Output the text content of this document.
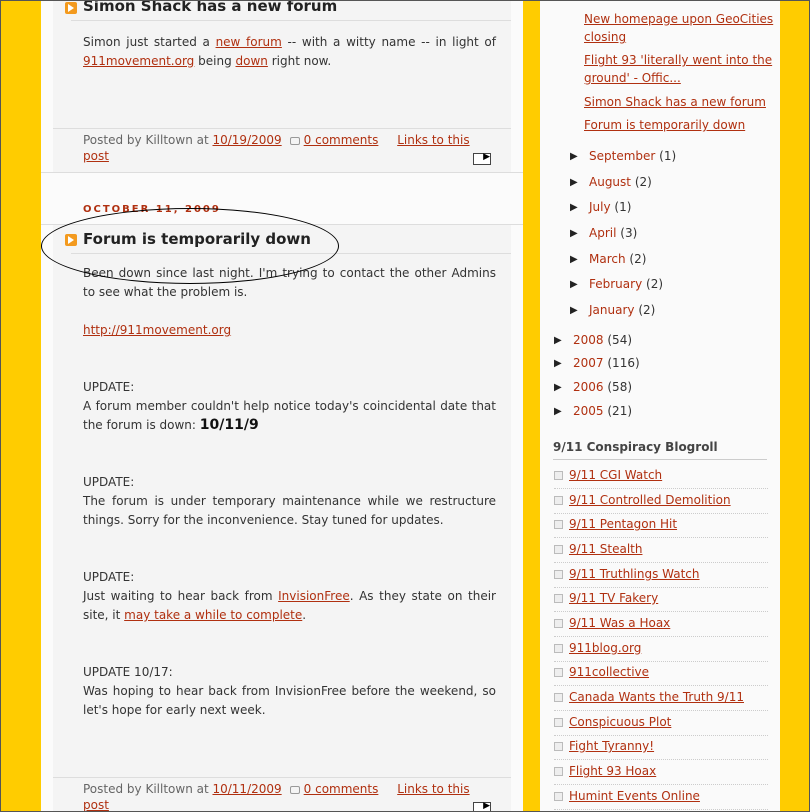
Simon Shack has a new forum
Simon just started a new forum -- with a witty name -- in light of 911movement.org being down right now.
Posted by Killtown at 10/19/2009 0 comments Links to this post
▶
OCTOBER 11, 2009
Forum is temporarily down
Been down since last night. I'm trying to contact the other Admins to see what the problem is.
http://911movement.org
UPDATE:
A forum member couldn't help notice today's coincidental date that the forum is down: 10/11/9
UPDATE:
The forum is under temporary maintenance while we restructure things. Sorry for the inconvenience. Stay tuned for updates.
UPDATE:
Just waiting to hear back from InvisionFree. As they state on their site, it may take a while to complete.
UPDATE 10/17:
Was hoping to hear back from InvisionFree before the weekend, so let's hope for early next week.
Posted by Killtown at 10/11/2009 0 comments Links to this post
▶
New homepage upon GeoCities closing
Flight 93 'literally went into the ground' - Offic...
Simon Shack has a new forum
Forum is temporarily down
▶ September (1)
▶ August (2)
▶ July (1)
▶ April (3)
▶ March (2)
▶ February (2)
▶ January (2)
▶ 2008 (54)
▶ 2007 (116)
▶ 2006 (58)
▶ 2005 (21)
9/11 Conspiracy Blogroll
9/11 CGI Watch
9/11 Controlled Demolition
9/11 Pentagon Hit
9/11 Stealth
9/11 Truthlings Watch
9/11 TV Fakery
9/11 Was a Hoax
911blog.org
911collective
Canada Wants the Truth 9/11
Conspicuous Plot
Fight Tyranny!
Flight 93 Hoax
Humint Events Online
